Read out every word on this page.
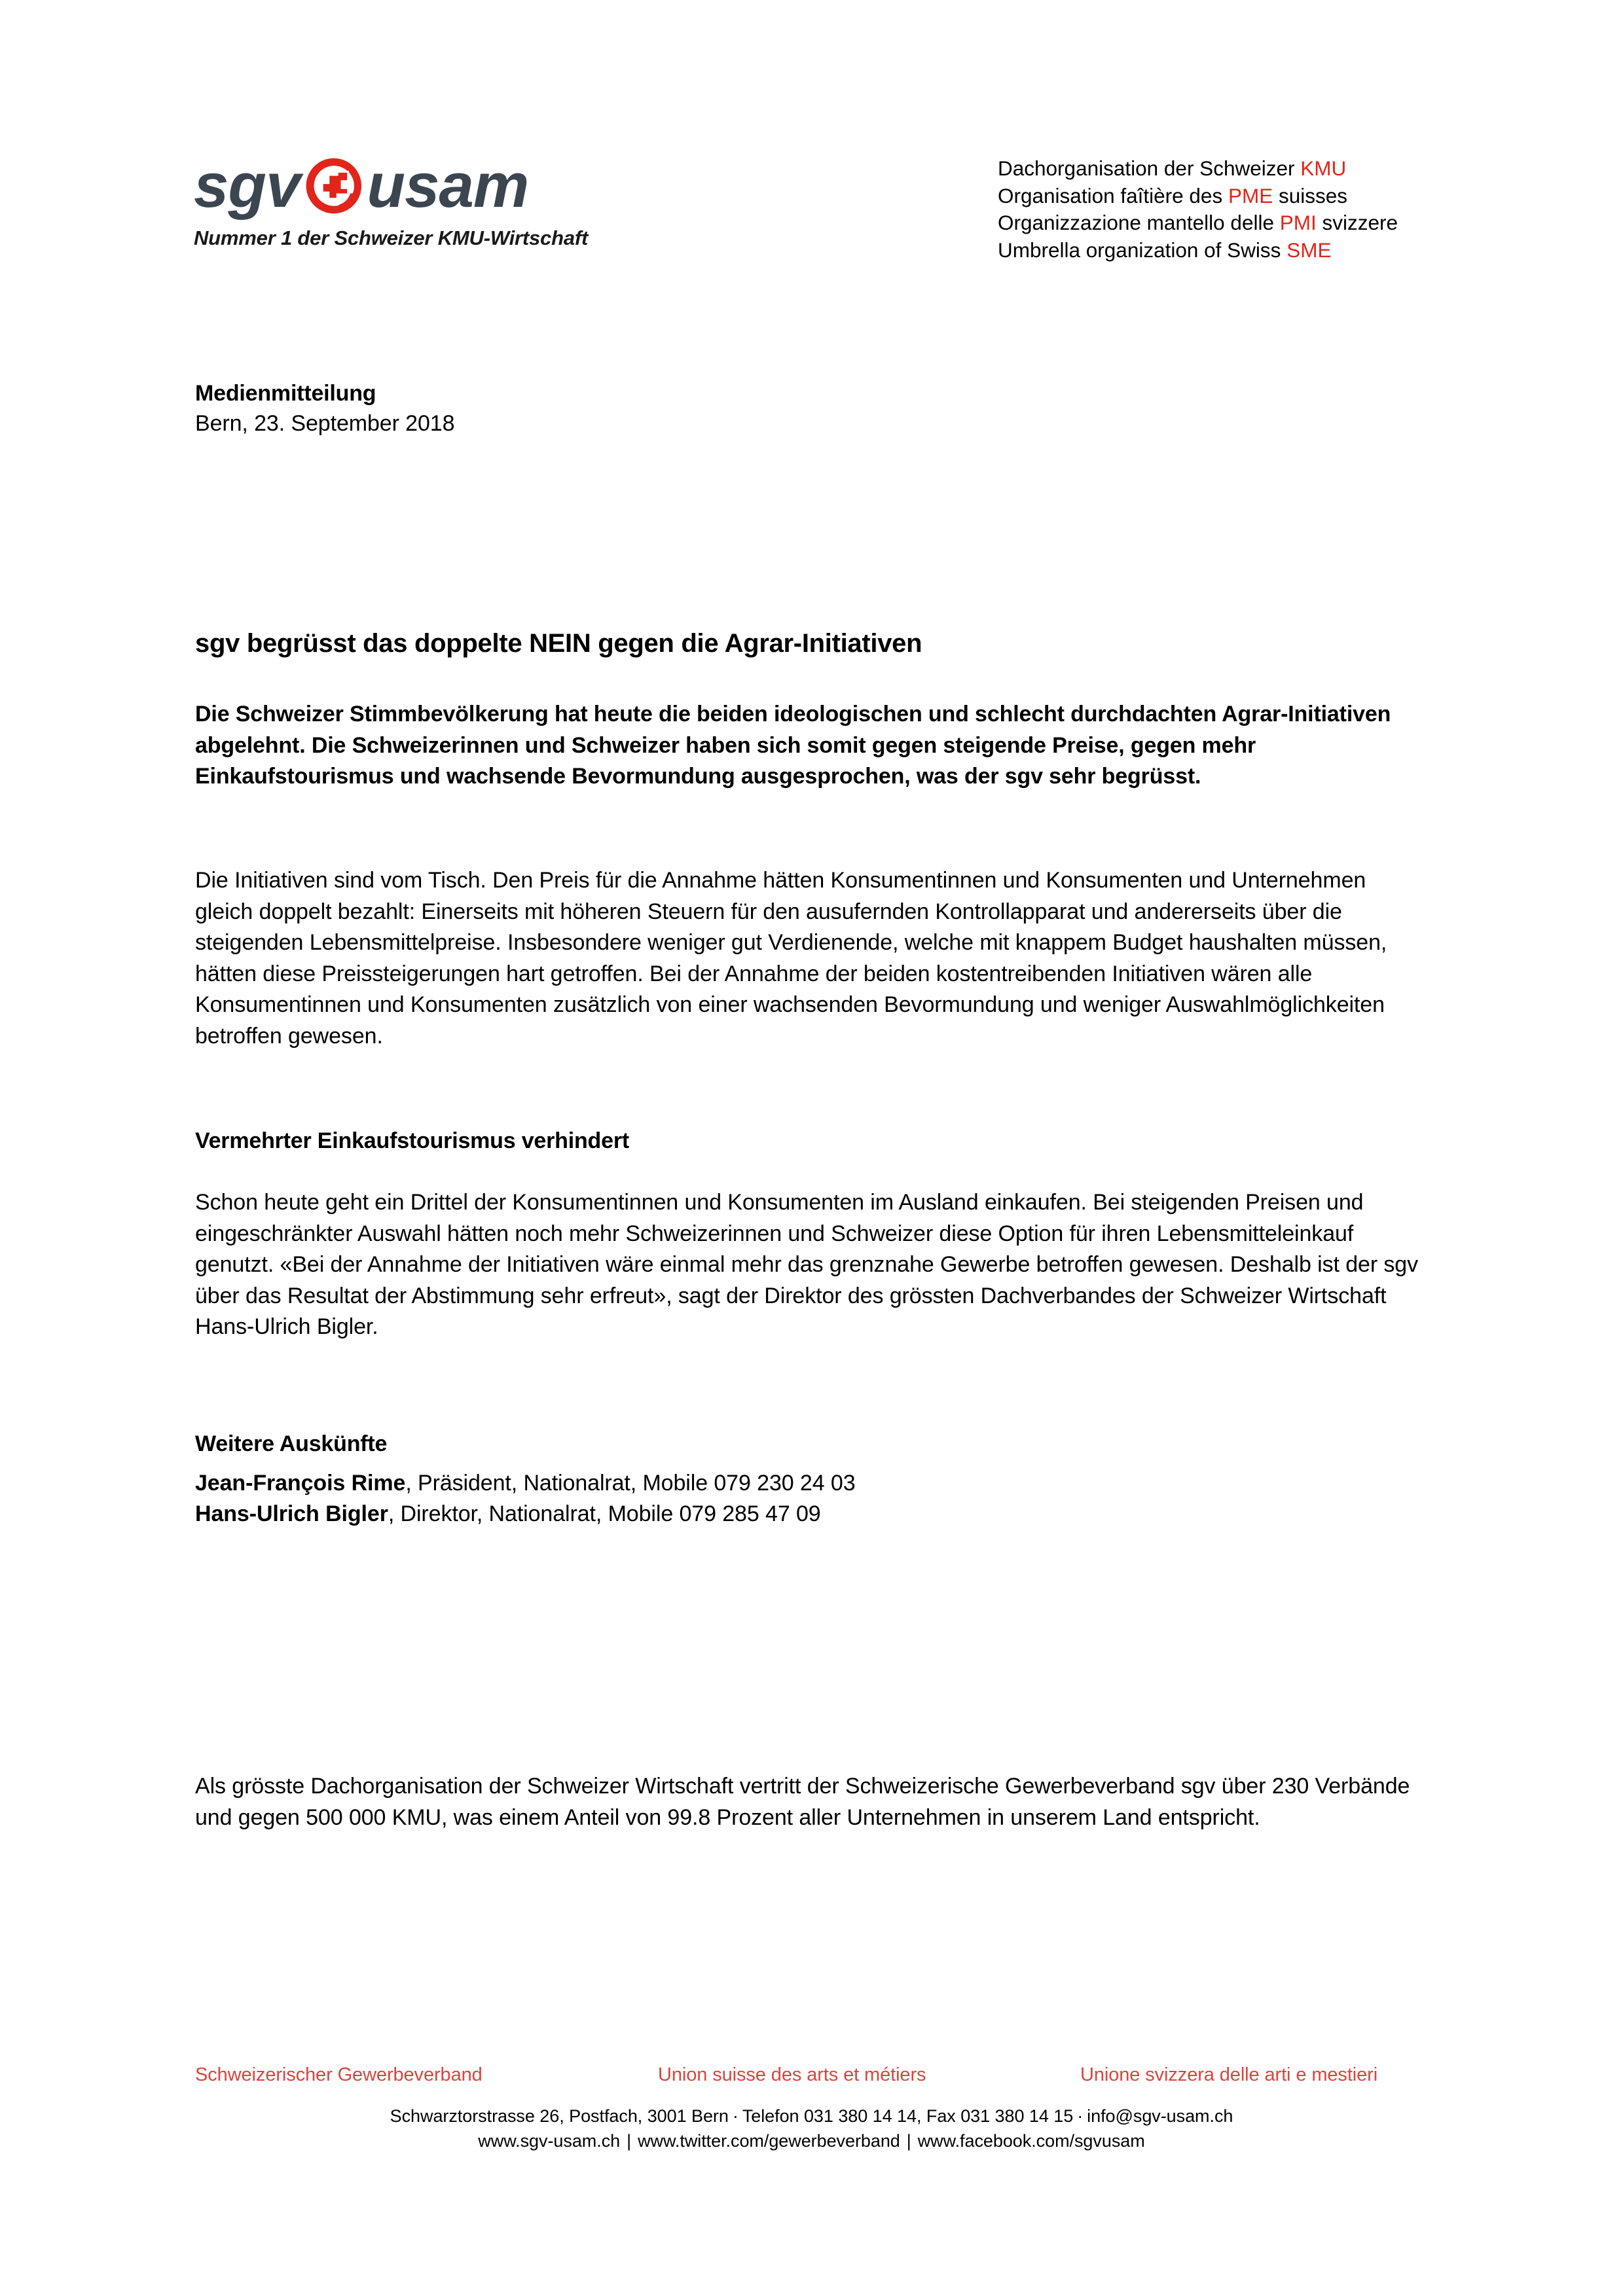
sgv usam
Nummer 1 der Schweizer KMU-Wirtschaft
Dachorganisation der Schweizer KMU
Organisation faîtière des PME suisses
Organizzazione mantello delle PMI svizzere
Umbrella organization of Swiss SME
Medienmitteilung
Bern, 23. September 2018
sgv begrüsst das doppelte NEIN gegen die Agrar-Initiativen

Die Schweizer Stimmbevölkerung hat heute die beiden ideologischen und schlecht durchdachten Agrar-Initiativen abgelehnt. Die Schweizerinnen und Schweizer haben sich somit gegen steigende Preise, gegen mehr Einkaufstourismus und wachsende Bevormundung ausgesprochen, was der sgv sehr begrüsst.

Die Initiativen sind vom Tisch. Den Preis für die Annahme hätten Konsumentinnen und Konsumenten und Unternehmen gleich doppelt bezahlt: Einerseits mit höheren Steuern für den ausufernden Kontrollapparat und andererseits über die steigenden Lebensmittelpreise. Insbesondere weniger gut Verdienende, welche mit knappem Budget haushalten müssen, hätten diese Preissteigerungen hart getroffen. Bei der Annahme der beiden kostentreibenden Initiativen wären alle Konsumentinnen und Konsumenten zusätzlich von einer wachsenden Bevormundung und weniger Auswahlmöglichkeiten betroffen gewesen.

Vermehrter Einkaufstourismus verhindert

Schon heute geht ein Drittel der Konsumentinnen und Konsumenten im Ausland einkaufen. Bei steigenden Preisen und eingeschränkter Auswahl hätten noch mehr Schweizerinnen und Schweizer diese Option für ihren Lebensmitteleinkauf genutzt. «Bei der Annahme der Initiativen wäre einmal mehr das grenznahe Gewerbe betroffen gewesen. Deshalb ist der sgv über das Resultat der Abstimmung sehr erfreut», sagt der Direktor des grössten Dachverbandes der Schweizer Wirtschaft Hans-Ulrich Bigler.

Weitere Auskünfte
Jean-François Rime, Präsident, Nationalrat, Mobile 079 230 24 03
Hans-Ulrich Bigler, Direktor, Nationalrat, Mobile 079 285 47 09

Als grösste Dachorganisation der Schweizer Wirtschaft vertritt der Schweizerische Gewerbeverband sgv über 230 Verbände und gegen 500 000 KMU, was einem Anteil von 99.8 Prozent aller Unternehmen in unserem Land entspricht.

Schweizerischer Gewerbeverband	Union suisse des arts et métiers	Unione svizzera delle arti e mestieri
Schwarztorstrasse 26, Postfach, 3001 Bern · Telefon 031 380 14 14, Fax 031 380 14 15 · info@sgv-usam.ch
www.sgv-usam.ch | www.twitter.com/gewerbeverband | www.facebook.com/sgvusam
